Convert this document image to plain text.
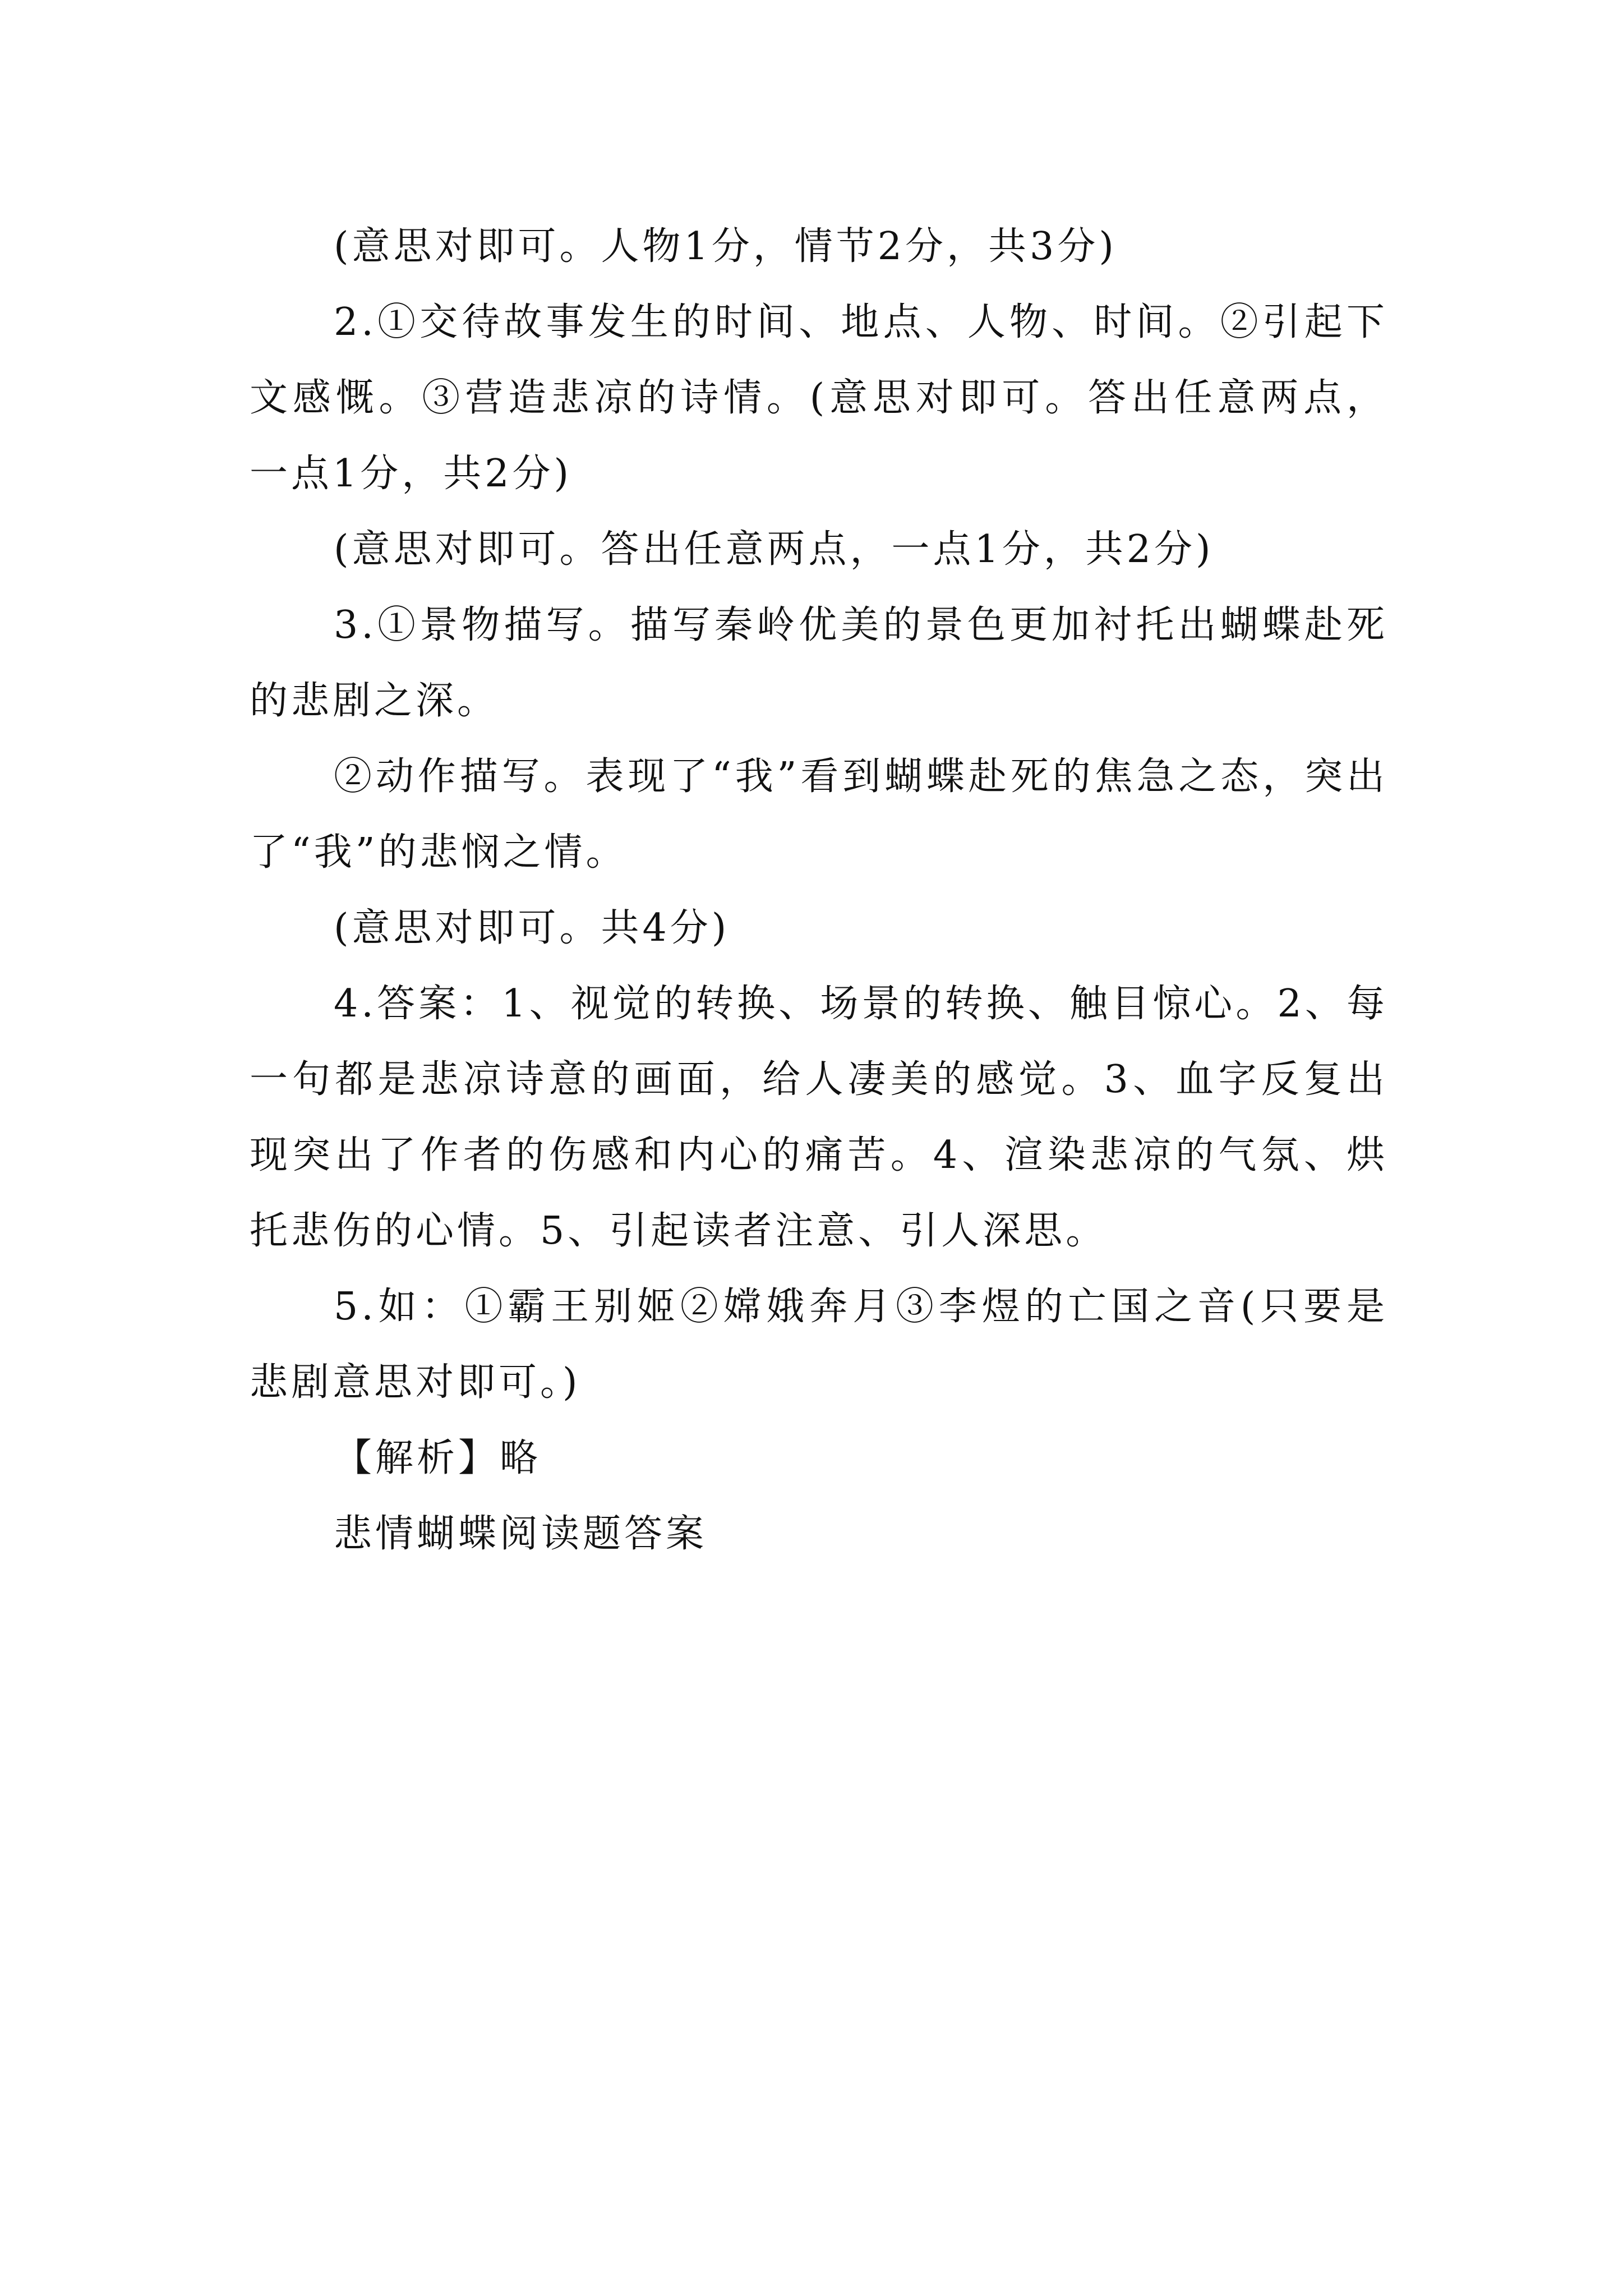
(意思对即可。人物1分，情节2分，共3分)

2.①交待故事发生的时间、地点、人物、时间。②引起下文感慨。③营造悲凉的诗情。(意思对即可。答出任意两点，一点1分，共2分)

(意思对即可。答出任意两点，一点1分，共2分)

3.①景物描写。描写秦岭优美的景色更加衬托出蝴蝶赴死的悲剧之深。

②动作描写。表现了“我”看到蝴蝶赴死的焦急之态，突出了“我”的悲悯之情。

(意思对即可。共4分)

4.答案：1、视觉的转换、场景的转换、触目惊心。2、每一句都是悲凉诗意的画面，给人凄美的感觉。3、血字反复出现突出了作者的伤感和内心的痛苦。4、渲染悲凉的气氛、烘托悲伤的心情。5、引起读者注意、引人深思。

5.如：①霸王别姬②嫦娥奔月③李煜的亡国之音(只要是悲剧意思对即可。)

【解析】略

悲情蝴蝶阅读题答案
